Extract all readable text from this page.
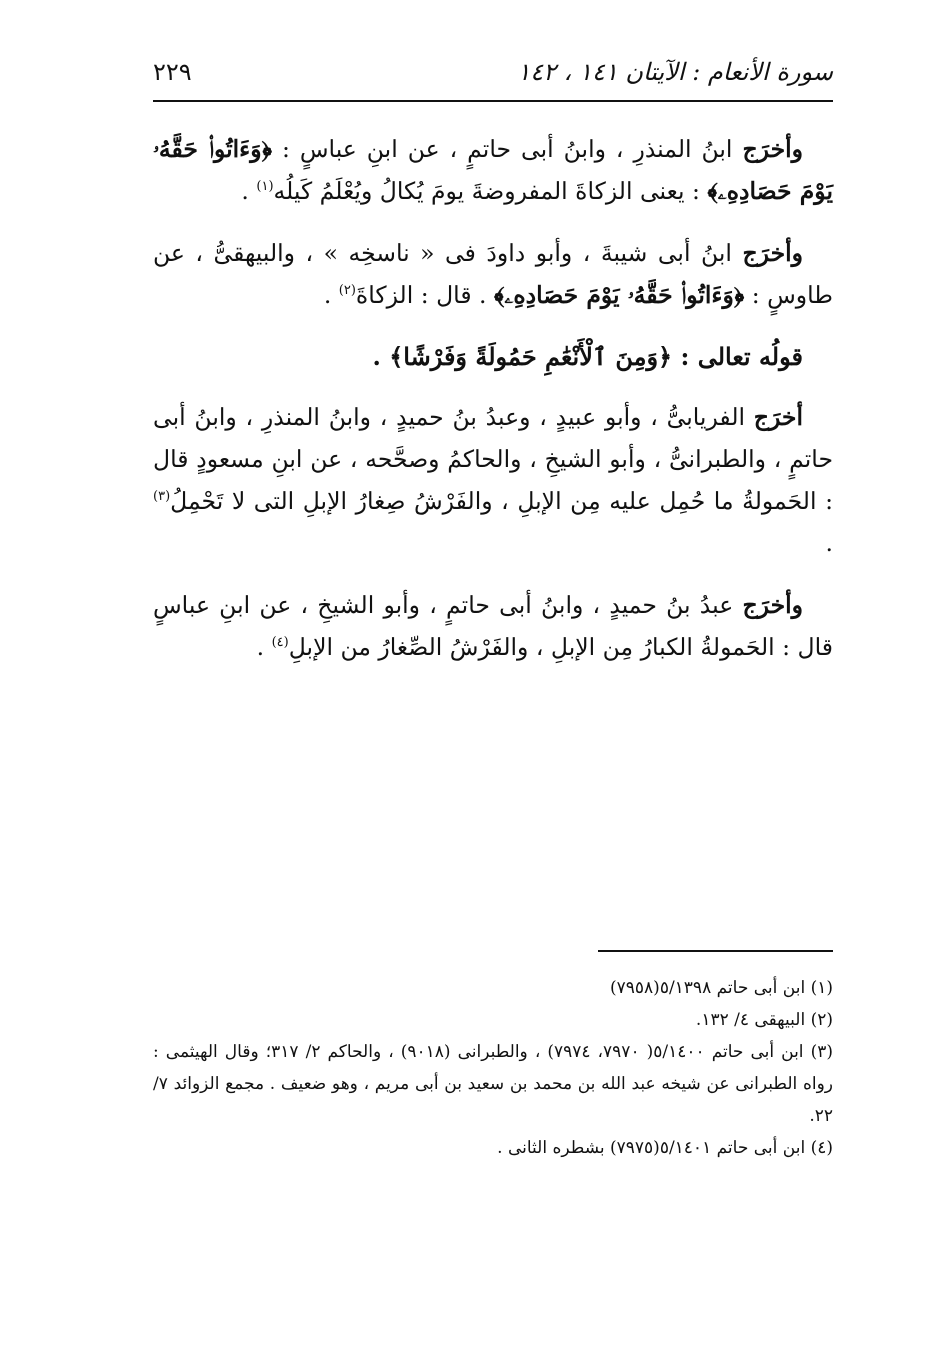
سورة الأنعام : الآيتان ١٤١ ، ١٤٢
٢٢٩

وأخرَج ابنُ المنذرِ ، وابنُ أبى حاتمٍ ، عن ابنِ عباسٍ : ﴿وَءَاتُوا۟ حَقَّهُۥ يَوْمَ حَصَادِهِۦ﴾ : يعنى الزكاةَ المفروضةَ يومَ يُكالُ ويُعْلَمُ كَيلُه$^{(١)}$ .

وأخرَج ابنُ أبى شيبةَ ، وأبو داودَ فى « ناسخِه » ، والبيهقىُّ ، عن طاوسٍ : ﴿وَءَاتُوا۟ حَقَّهُۥ يَوْمَ حَصَادِهِۦ﴾ . قال : الزكاةَ$^{(٢)}$ .

قولُه تعالى : ﴿وَمِنَ ٱلْأَنْعَٰمِ حَمُولَةً وَفَرْشًا﴾ .

أخرَج الفريابىُّ ، وأبو عبيدٍ ، وعبدُ بنُ حميدٍ ، وابنُ المنذرِ ، وابنُ أبى حاتمٍ ، والطبرانىُّ ، وأبو الشيخِ ، والحاكمُ وصحَّحه ، عن ابنِ مسعودٍ قال : الحَمولةُ ما حُمِل عليه مِن الإبلِ ، والفَرْشُ صِغارُ الإبلِ التى لا تَحْمِلُ$^{(٣)}$ .

وأخرَج عبدُ بنُ حميدٍ ، وابنُ أبى حاتمٍ ، وأبو الشيخِ ، عن ابنِ عباسٍ قال : الحَمولةُ الكبارُ مِن الإبلِ ، والفَرْشُ الصِّغارُ من الإبلِ$^{(٤)}$ .

(١) ابن أبى حاتم ٥/١٣٩٨(٧٩٥٨)

(٢) البيهقى ٤/ ١٣٢.

(٣) ابن أبى حاتم ٥/١٤٠٠( ٧٩٧٠، ٧٩٧٤) ، والطبرانى (٩٠١٨) ، والحاكم ٢/ ٣١٧؛ وقال الهيثمى : رواه الطبرانى عن شيخه عبد الله بن محمد بن سعيد بن أبى مريم ، وهو ضعيف . مجمع الزوائد ٧/ ٢٢.

(٤) ابن أبى حاتم ٥/١٤٠١(٧٩٧٥) بشطره الثانى .
